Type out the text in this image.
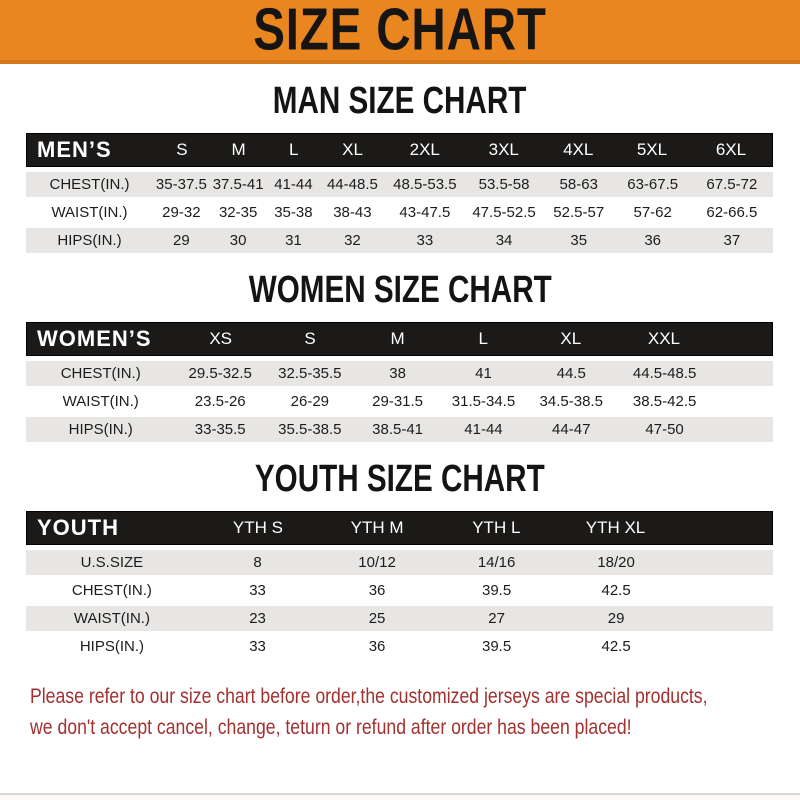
SIZE CHART
MAN SIZE CHART
MEN’S	S	M	L	XL	2XL	3XL	4XL	5XL	6XL
CHEST(IN.)	35-37.5 37.5-41 41-44 44-48.5	48.5-53.5	53.5-58	58-63	63-67.5	67.5-72
WAIST(IN.)	29-32	32-35	35-38	38-43	43-47.5	47.5-52.5	52.5-57	57-62	62-66.5
HIPS(IN.)	29	30	31	32	33	34	35	36	37
WOMEN SIZE CHART
WOMEN’S	XS	S	M	L	XL	XXL
CHEST(IN.)	29.5-32.5	32.5-35.5	38	41	44.5	44.5-48.5
WAIST(IN.)	23.5-26	26-29	29-31.5	31.5-34.5	34.5-38.5	38.5-42.5
HIPS(IN.)	33-35.5	35.5-38.5	38.5-41	41-44	44-47	47-50
YOUTH SIZE CHART
YOUTH	YTH S	YTH M	YTH L	YTH XL
U.S.SIZE	8	10/12	14/16	18/20
CHEST(IN.)	33	36	39.5	42.5
WAIST(IN.)	23	25	27	29
HIPS(IN.)	33	36	39.5	42.5

Please refer to our size chart before order,the customized jerseys are special products,

we don't accept cancel, change, teturn or refund after order has been placed!
